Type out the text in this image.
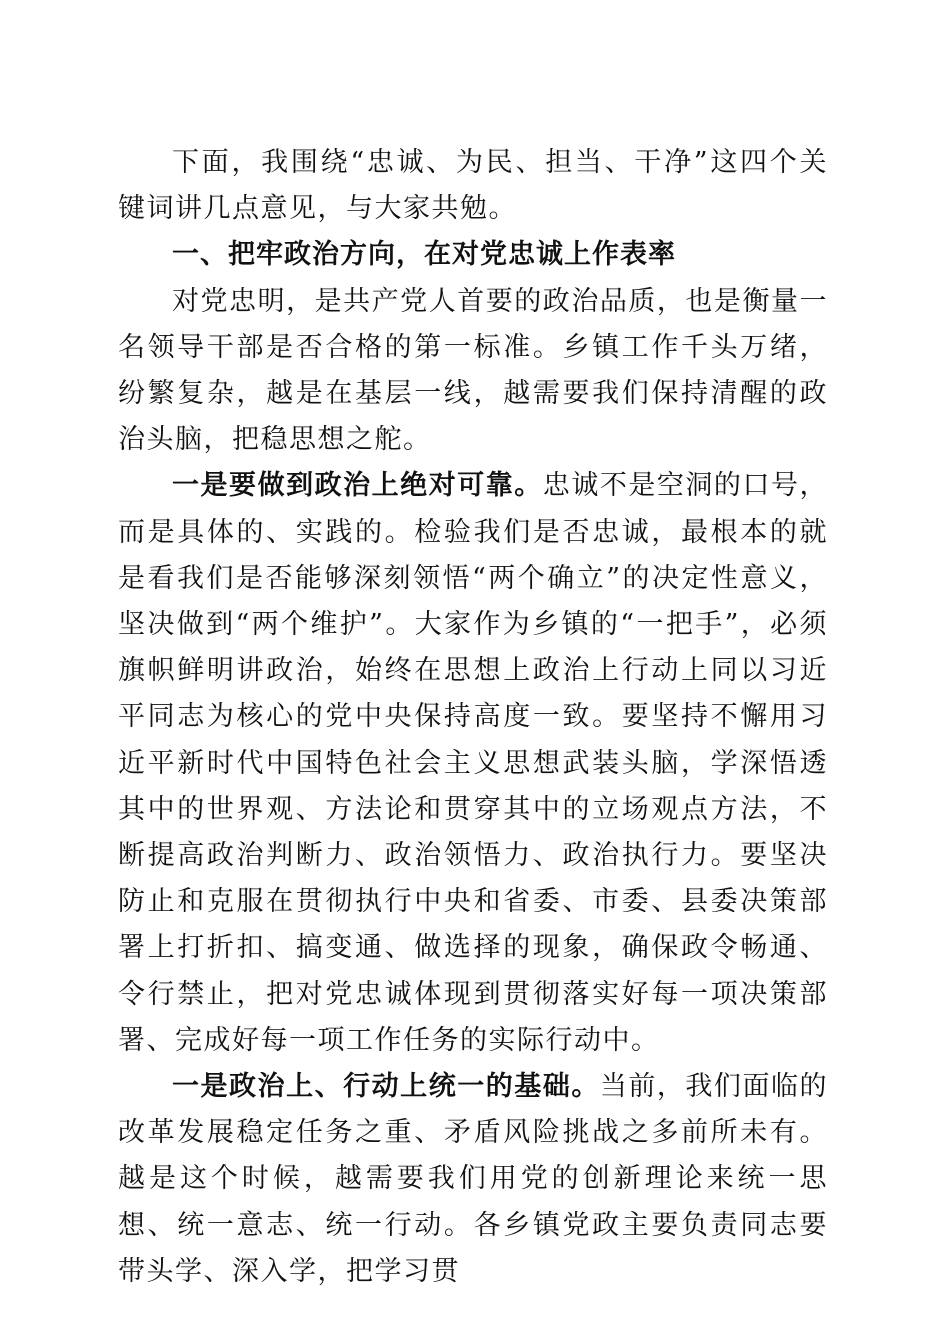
下面，我围绕“忠诚、为民、担当、干净”这四个关键词讲几点意见，与大家共勉。

一、把牢政治方向，在对党忠诚上作表率

对党忠明，是共产党人首要的政治品质，也是衡量一名领导干部是否合格的第一标准。乡镇工作千头万绪，纷繁复杂，越是在基层一线，越需要我们保持清醒的政治头脑，把稳思想之舵。

一是要做到政治上绝对可靠。忠诚不是空洞的口号，而是具体的、实践的。检验我们是否忠诚，最根本的就是看我们是否能够深刻领悟“两个确立”的决定性意义，坚决做到“两个维护”。大家作为乡镇的“一把手”，必须旗帜鲜明讲政治，始终在思想上政治上行动上同以习近平同志为核心的党中央保持高度一致。要坚持不懈用习近平新时代中国特色社会主义思想武装头脑，学深悟透其中的世界观、方法论和贯穿其中的立场观点方法，不断提高政治判断力、政治领悟力、政治执行力。要坚决防止和克服在贯彻执行中央和省委、市委、县委决策部署上打折扣、搞变通、做选择的现象，确保政令畅通、令行禁止，把对党忠诚体现到贯彻落实好每一项决策部署、完成好每一项工作任务的实际行动中。

一是政治上、行动上统一的基础。当前，我们面临的改革发展稳定任务之重、矛盾风险挑战之多前所未有。越是这个时候，越需要我们用党的创新理论来统一思想、统一意志、统一行动。各乡镇党政主要负责同志要带头学、深入学，把学习贯
